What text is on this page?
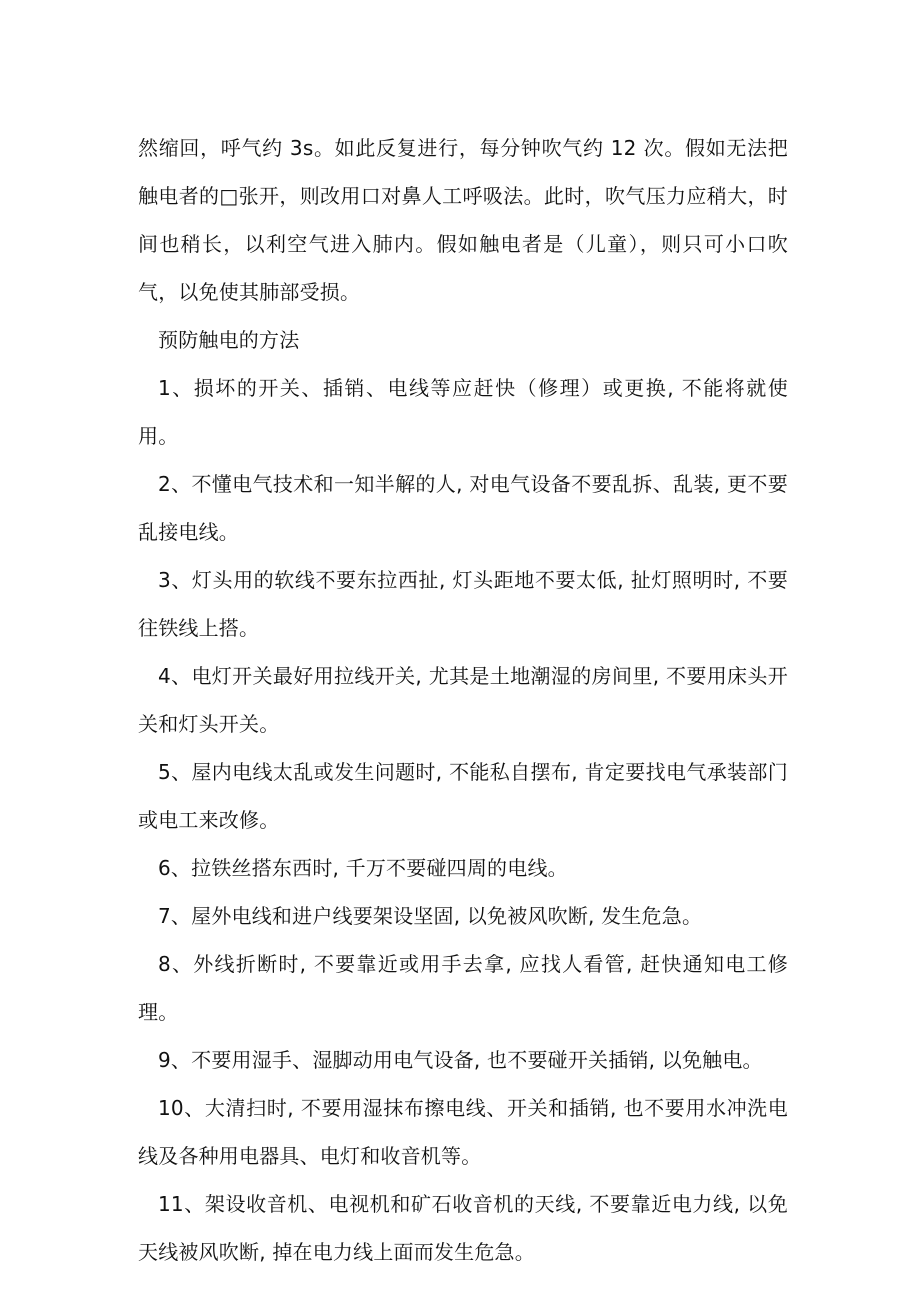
然缩回，呼气约 3s。如此反复进行，每分钟吹气约 12 次。假如无法把触电者的□张开，则改用口对鼻人工呼吸法。此时，吹气压力应稍大，时间也稍长，以利空气进入肺内。假如触电者是（儿童），则只可小口吹气，以免使其肺部受损。

预防触电的方法

1、损坏的开关、插销、电线等应赶快（修理）或更换, 不能将就使用。

2、不懂电气技术和一知半解的人, 对电气设备不要乱拆、乱装, 更不要乱接电线。

3、灯头用的软线不要东拉西扯, 灯头距地不要太低, 扯灯照明时, 不要往铁线上搭。

4、电灯开关最好用拉线开关, 尤其是土地潮湿的房间里, 不要用床头开关和灯头开关。

5、屋内电线太乱或发生问题时, 不能私自摆布, 肯定要找电气承装部门或电工来改修。

6、拉铁丝搭东西时, 千万不要碰四周的电线。

7、屋外电线和进户线要架设坚固, 以免被风吹断, 发生危急。

8、外线折断时, 不要靠近或用手去拿, 应找人看管, 赶快通知电工修理。

9、不要用湿手、湿脚动用电气设备, 也不要碰开关插销, 以免触电。

10、大清扫时, 不要用湿抹布擦电线、开关和插销, 也不要用水冲洗电线及各种用电器具、电灯和收音机等。

11、架设收音机、电视机和矿石收音机的天线, 不要靠近电力线, 以免天线被风吹断, 掉在电力线上面而发生危急。
